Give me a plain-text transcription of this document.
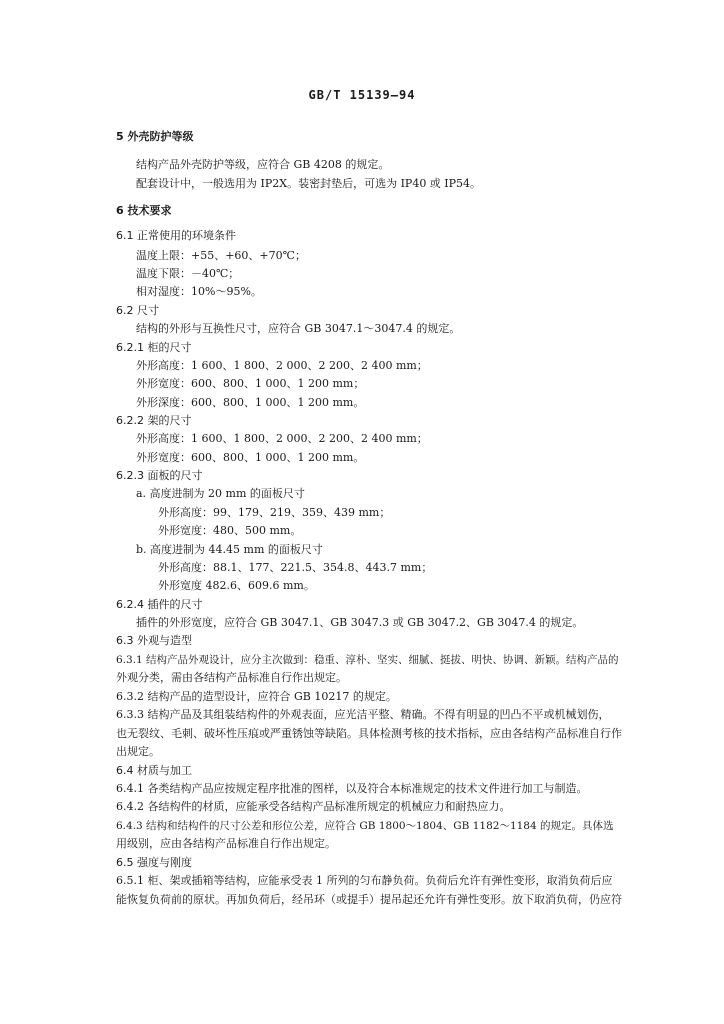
GB/T 15139—94
5 外壳防护等级
结构产品外壳防护等级，应符合 GB 4208 的规定。
配套设计中，一般选用为 IP2X。装密封垫后，可选为 IP40 或 IP54。
6 技术要求
6.1 正常使用的环境条件
温度上限：+55、+60、+70℃；
温度下限：－40℃；
相对湿度：10%～95%。
6.2 尺寸
结构的外形与互换性尺寸，应符合 GB 3047.1～3047.4 的规定。
6.2.1 柜的尺寸
外形高度：1 600、1 800、2 000、2 200、2 400 mm；
外形宽度：600、800、1 000、1 200 mm；
外形深度：600、800、1 000、1 200 mm。
6.2.2 架的尺寸
外形高度：1 600、1 800、2 000、2 200、2 400 mm；
外形宽度：600、800、1 000、1 200 mm。
6.2.3 面板的尺寸
a. 高度进制为 20 mm 的面板尺寸
外形高度：99、179、219、359、439 mm；
外形宽度：480、500 mm。
b. 高度进制为 44.45 mm 的面板尺寸
外形高度：88.1、177、221.5、354.8、443.7 mm；
外形宽度 482.6、609.6 mm。
6.2.4 插件的尺寸
插件的外形宽度，应符合 GB 3047.1、GB 3047.3 或 GB 3047.2、GB 3047.4 的规定。
6.3 外观与造型
6.3.1 结构产品外观设计，应分主次做到：稳重、淳朴、坚实、细腻、挺拔、明快、协调、新颖。结构产品的
外观分类，需由各结构产品标准自行作出规定。
6.3.2 结构产品的造型设计，应符合 GB 10217 的规定。
6.3.3 结构产品及其组装结构件的外观表面，应光洁平整、精确。不得有明显的凹凸不平或机械划伤，
也无裂纹、毛刺、破坏性压痕或严重锈蚀等缺陷。具体检测考核的技术指标，应由各结构产品标准自行作
出规定。
6.4 材质与加工
6.4.1 各类结构产品应按规定程序批准的图样，以及符合本标准规定的技术文件进行加工与制造。
6.4.2 各结构件的材质，应能承受各结构产品标准所规定的机械应力和耐热应力。
6.4.3 结构和结构件的尺寸公差和形位公差，应符合 GB 1800～1804、GB 1182～1184 的规定。具体选
用级别，应由各结构产品标准自行作出规定。
6.5 强度与刚度
6.5.1 柜、架或插箱等结构，应能承受表 1 所列的匀布静负荷。负荷后允许有弹性变形，取消负荷后应
能恢复负荷前的原状。再加负荷后，经吊环（或提手）提吊起还允许有弹性变形。放下取消负荷，仍应符
